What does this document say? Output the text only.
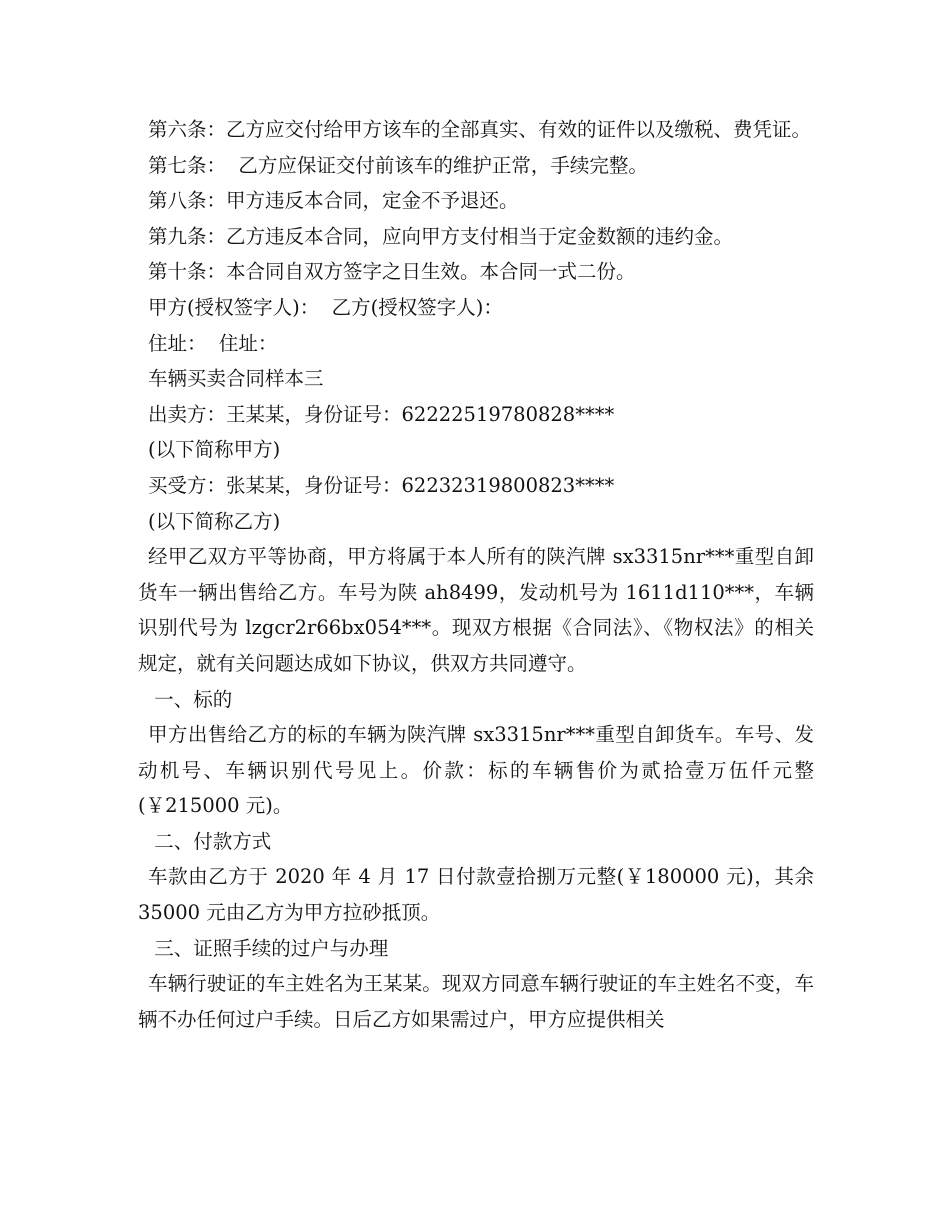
第六条：乙方应交付给甲方该车的全部真实、有效的证件以及缴税、费凭证。

第七条：  乙方应保证交付前该车的维护正常，手续完整。

第八条：甲方违反本合同，定金不予退还。

第九条：乙方违反本合同，应向甲方支付相当于定金数额的违约金。

第十条：本合同自双方签字之日生效。本合同一式二份。

甲方(授权签字人)：  乙方(授权签字人)：

住址：  住址：

车辆买卖合同样本三

出卖方：王某某，身份证号：62222519780828****

(以下简称甲方)

买受方：张某某，身份证号：62232319800823****

(以下简称乙方)

经甲乙双方平等协商，甲方将属于本人所有的陕汽牌 sx3315nr***重型自卸货车一辆出售给乙方。车号为陕 ah8499，发动机号为 1611d110***，车辆识别代号为 lzgcr2r66bx054***。现双方根据《合同法》、《物权法》的相关规定，就有关问题达成如下协议，供双方共同遵守。

一、标的

甲方出售给乙方的标的车辆为陕汽牌 sx3315nr***重型自卸货车。车号、发动机号、车辆识别代号见上。价款：标的车辆售价为贰拾壹万伍仟元整(￥215000 元)。

二、付款方式

车款由乙方于 2020 年 4 月 17 日付款壹拾捌万元整(￥180000 元)，其余 35000 元由乙方为甲方拉砂抵顶。

三、证照手续的过户与办理

车辆行驶证的车主姓名为王某某。现双方同意车辆行驶证的车主姓名不变，车辆不办任何过户手续。日后乙方如果需过户，甲方应提供相关
